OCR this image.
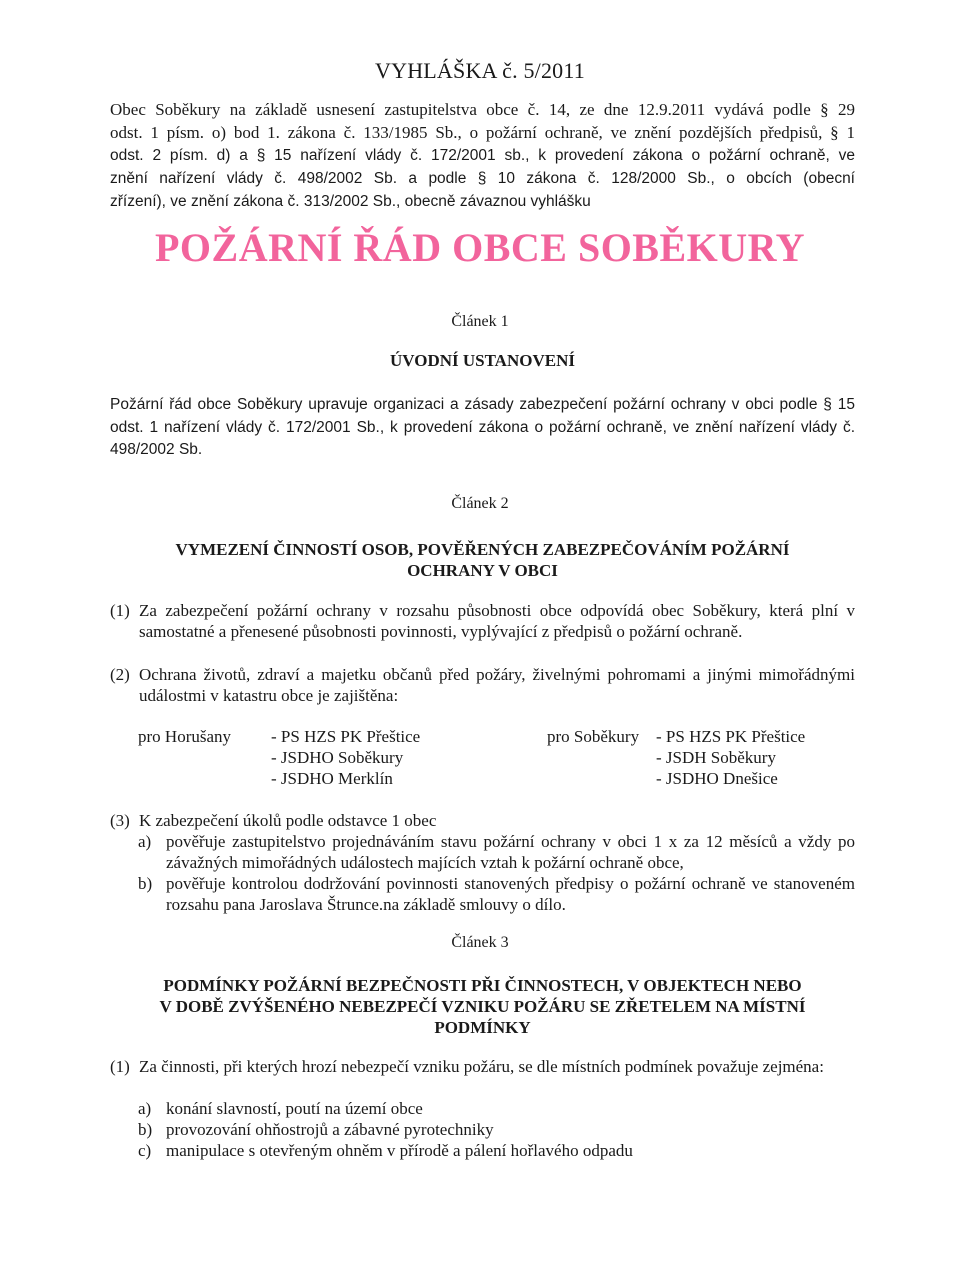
VYHLÁŠKA č. 5/2011
Obec Soběkury na základě usnesení zastupitelstva obce č. 14, ze dne 12.9.2011 vydává podle § 29
odst. 1 písm. o) bod 1. zákona č. 133/1985 Sb., o požární ochraně, ve znění pozdějších předpisů, § 1
odst. 2 písm. d) a § 15 nařízení vlády č. 172/2001 sb., k provedení zákona o požární ochraně, ve
znění nařízení vlády č. 498/2002 Sb. a podle § 10 zákona č. 128/2000 Sb., o obcích (obecní
zřízení), ve znění zákona č. 313/2002 Sb., obecně závaznou vyhlášku
POŽÁRNÍ ŘÁD OBCE SOBĚKURY
Článek 1
ÚVODNÍ USTANOVENÍ
Požární řád obce Soběkury upravuje organizaci a zásady zabezpečení požární ochrany v obci podle § 15 odst. 1 nařízení vlády č. 172/2001 Sb., k provedení zákona o požární ochraně, ve znění nařízení vlády č. 498/2002 Sb.
Článek 2
VYMEZENÍ ČINNOSTÍ OSOB, POVĚŘENÝCH ZABEZPEČOVÁNÍM POŽÁRNÍ
OCHRANY V OBCI
(1) Za zabezpečení požární ochrany v rozsahu působnosti obce odpovídá obec Soběkury, která plní v samostatné a přenesené působnosti povinnosti, vyplývající z předpisů o požární ochraně.
(2) Ochrana životů, zdraví a majetku občanů před požáry, živelnými pohromami a jinými mimořádnými událostmi v katastru obce je zajištěna:
pro Horušany - PS HZS PK Přeštice
- JSDHO Soběkury
- JSDHO Merklín
pro Soběkury - PS HZS PK Přeštice
- JSDH Soběkury
- JSDHO Dnešice
(3) K zabezpečení úkolů podle odstavce 1 obec
a) pověřuje zastupitelstvo projednáváním stavu požární ochrany v obci 1 x za 12 měsíců a vždy po závažných mimořádných událostech majících vztah k požární ochraně obce,
b) pověřuje kontrolou dodržování povinnosti stanovených předpisy o požární ochraně ve stanoveném rozsahu pana Jaroslava Štrunce.na základě smlouvy o dílo.
Článek 3
PODMÍNKY POŽÁRNÍ BEZPEČNOSTI PŘI ČINNOSTECH, V OBJEKTECH NEBO
V DOBĚ ZVÝŠENÉHO NEBEZPEČÍ VZNIKU POŽÁRU SE ZŘETELEM NA MÍSTNÍ
PODMÍNKY
(1) Za činnosti, při kterých hrozí nebezpečí vzniku požáru, se dle místních podmínek považuje zejména:
a) konání slavností, poutí na území obce
b) provozování ohňostrojů a zábavné pyrotechniky
c) manipulace s otevřeným ohněm v přírodě a pálení hořlavého odpadu
